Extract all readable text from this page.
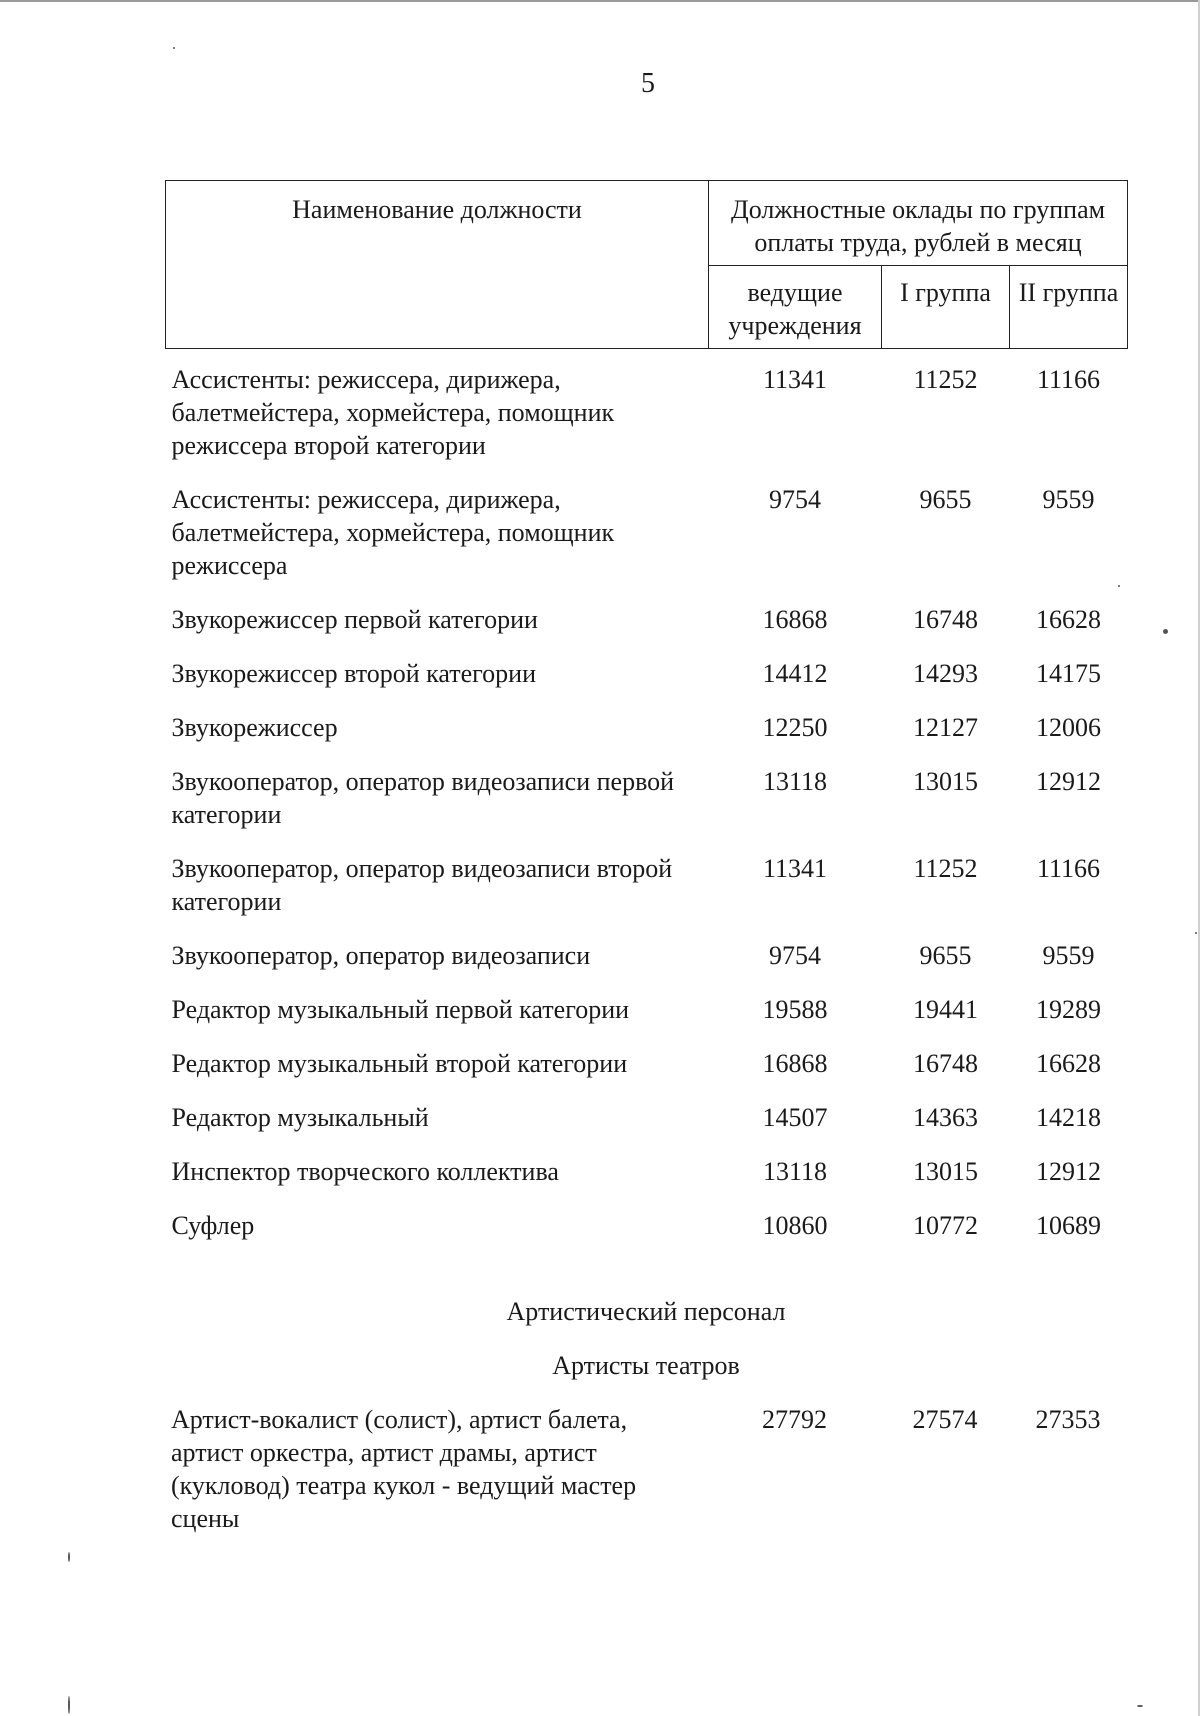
5
Наименование должности	Должностные оклады по группам оплаты труда, рублей в месяц		
	ведущие учреждения	I группа	II группа
Ассистенты: режиссера, дирижера, балетмейстера, хормейстера, помощник режиссера второй категории	11341	11252	11166
Ассистенты: режиссера, дирижера, балетмейстера, хормейстера, помощник режиссера	9754	9655	9559
Звукорежиссер первой категории	16868	16748	16628
Звукорежиссер второй категории	14412	14293	14175
Звукорежиссер	12250	12127	12006
Звукооператор, оператор видеозаписи первой категории	13118	13015	12912
Звукооператор, оператор видеозаписи второй категории	11341	11252	11166
Звукооператор, оператор видеозаписи	9754	9655	9559
Редактор музыкальный первой категории	19588	19441	19289
Редактор музыкальный второй категории	16868	16748	16628
Редактор музыкальный	14507	14363	14218
Инспектор творческого коллектива	13118	13015	12912
Суфлер	10860	10772	10689
Артистический персонал
Артисты театров
Артист-вокалист (солист), артист балета, артист оркестра, артист драмы, артист (кукловод) театра кукол - ведущий мастер сцены	27792	27574	27353
